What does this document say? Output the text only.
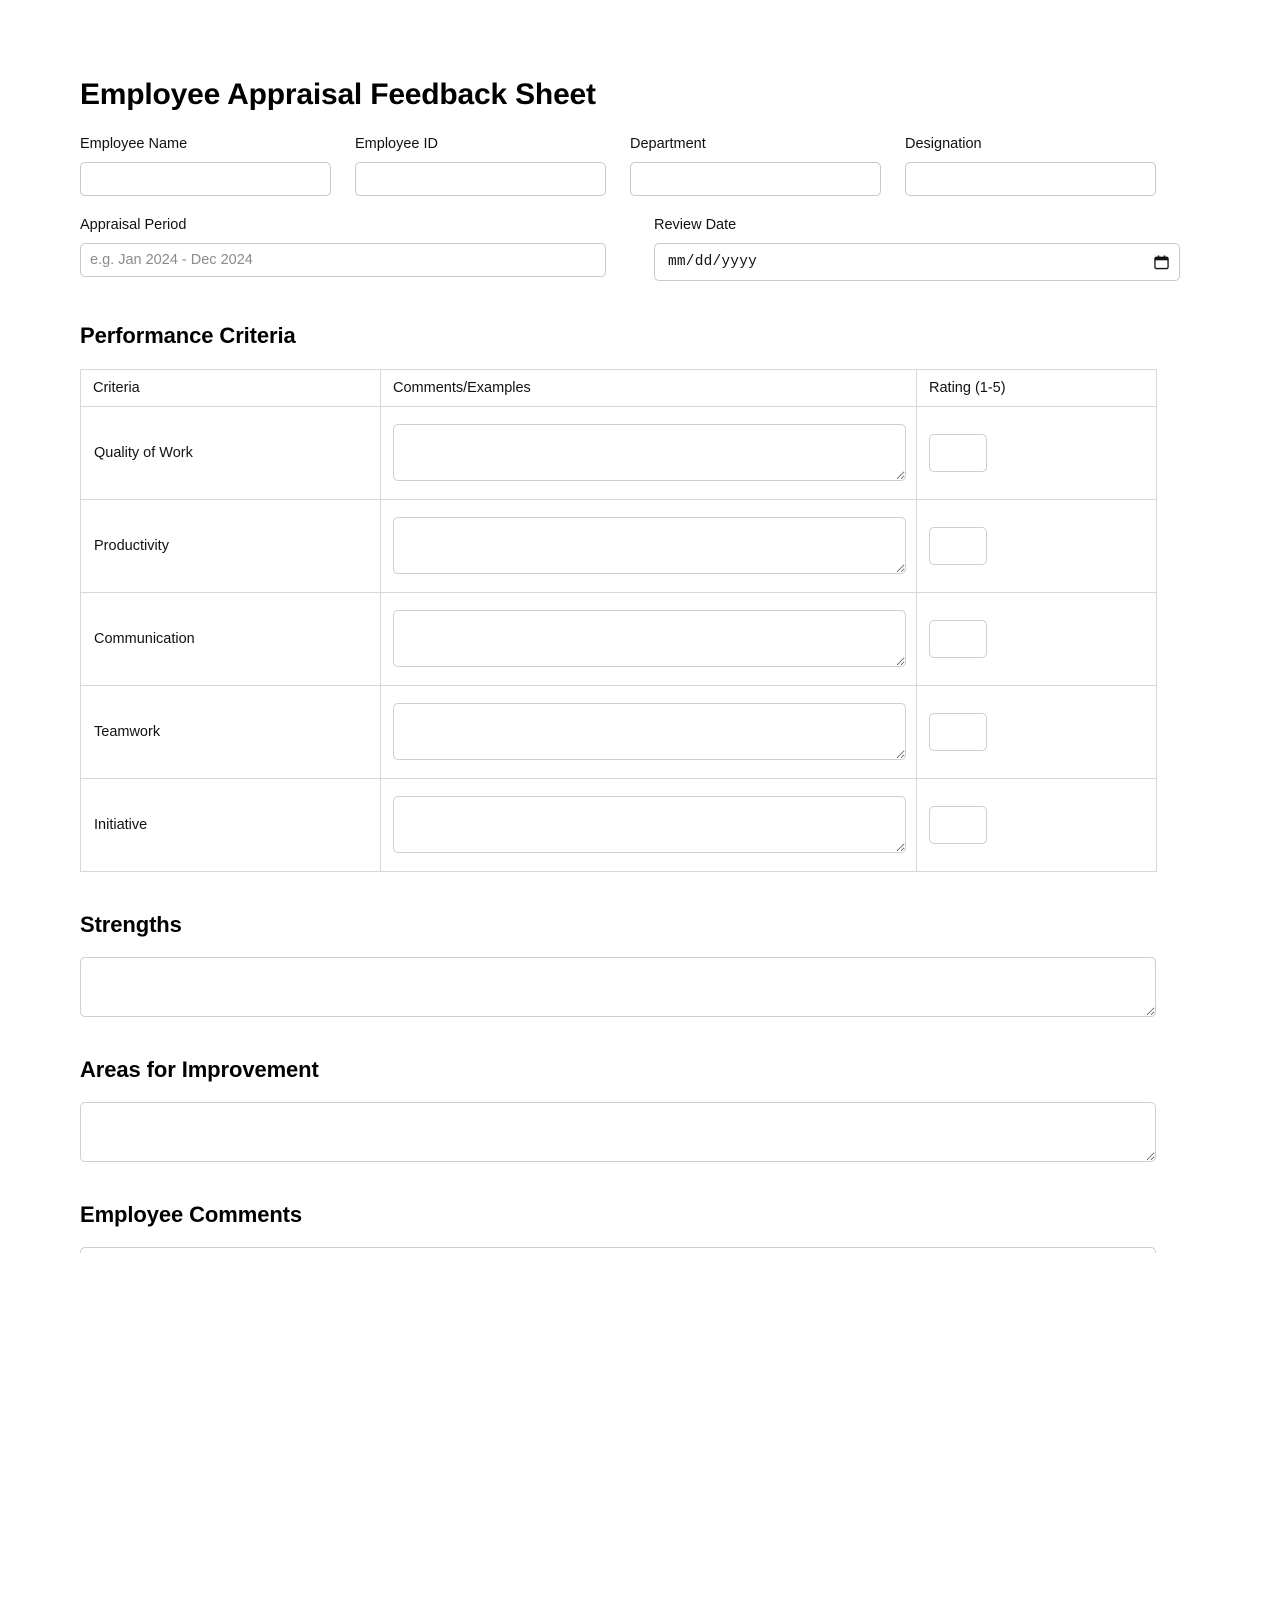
Employee Appraisal Feedback Sheet
Employee Name	Employee ID	Department	Designation
Appraisal Period
e.g. Jan 2024 - Dec 2024	Review Date
mm/dd/yyyy
Performance Criteria
Criteria	Comments/Examples	Rating (1-5)

Quality of Work

Productivity

Communication

Teamwork

Initiative

Strengths
Areas for Improvement
Employee Comments
